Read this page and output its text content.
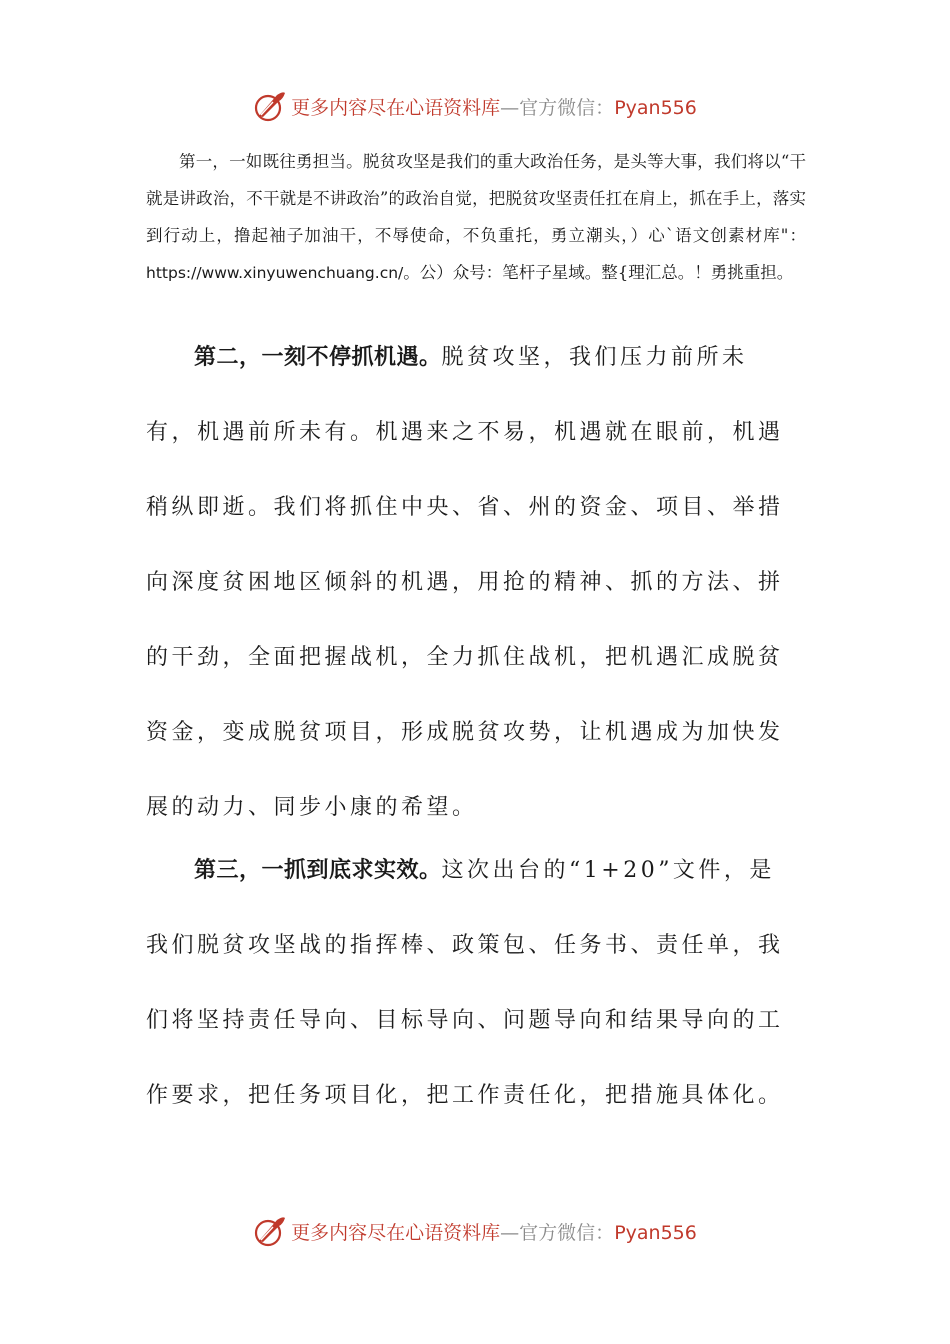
更多内容尽在心语资料库—官方微信：Pyan556

第一，一如既往勇担当。脱贫攻坚是我们的重大政治任务，是头等大事，我们将以“干就是讲政治，不干就是不讲政治”的政治自觉，把脱贫攻坚责任扛在肩上，抓在手上，落实到行动上，撸起袖子加油干，不辱使命，不负重托，勇立潮头，）心`语文创素材库"：https://www.xinyuwenchuang.cn/。公）众号：笔杆子星域。整{理汇总。！勇挑重担。

第二，一刻不停抓机遇。脱贫攻坚，我们压力前所未有，机遇前所未有。机遇来之不易，机遇就在眼前，机遇稍纵即逝。我们将抓住中央、省、州的资金、项目、举措向深度贫困地区倾斜的机遇，用抢的精神、抓的方法、拼的干劲，全面把握战机，全力抓住战机，把机遇汇成脱贫资金，变成脱贫项目，形成脱贫攻势，让机遇成为加快发展的动力、同步小康的希望。

第三，一抓到底求实效。这次出台的“1+20”文件，是我们脱贫攻坚战的指挥棒、政策包、任务书、责任单，我们将坚持责任导向、目标导向、问题导向和结果导向的工作要求，把任务项目化，把工作责任化，把措施具体化。

更多内容尽在心语资料库—官方微信：Pyan556
